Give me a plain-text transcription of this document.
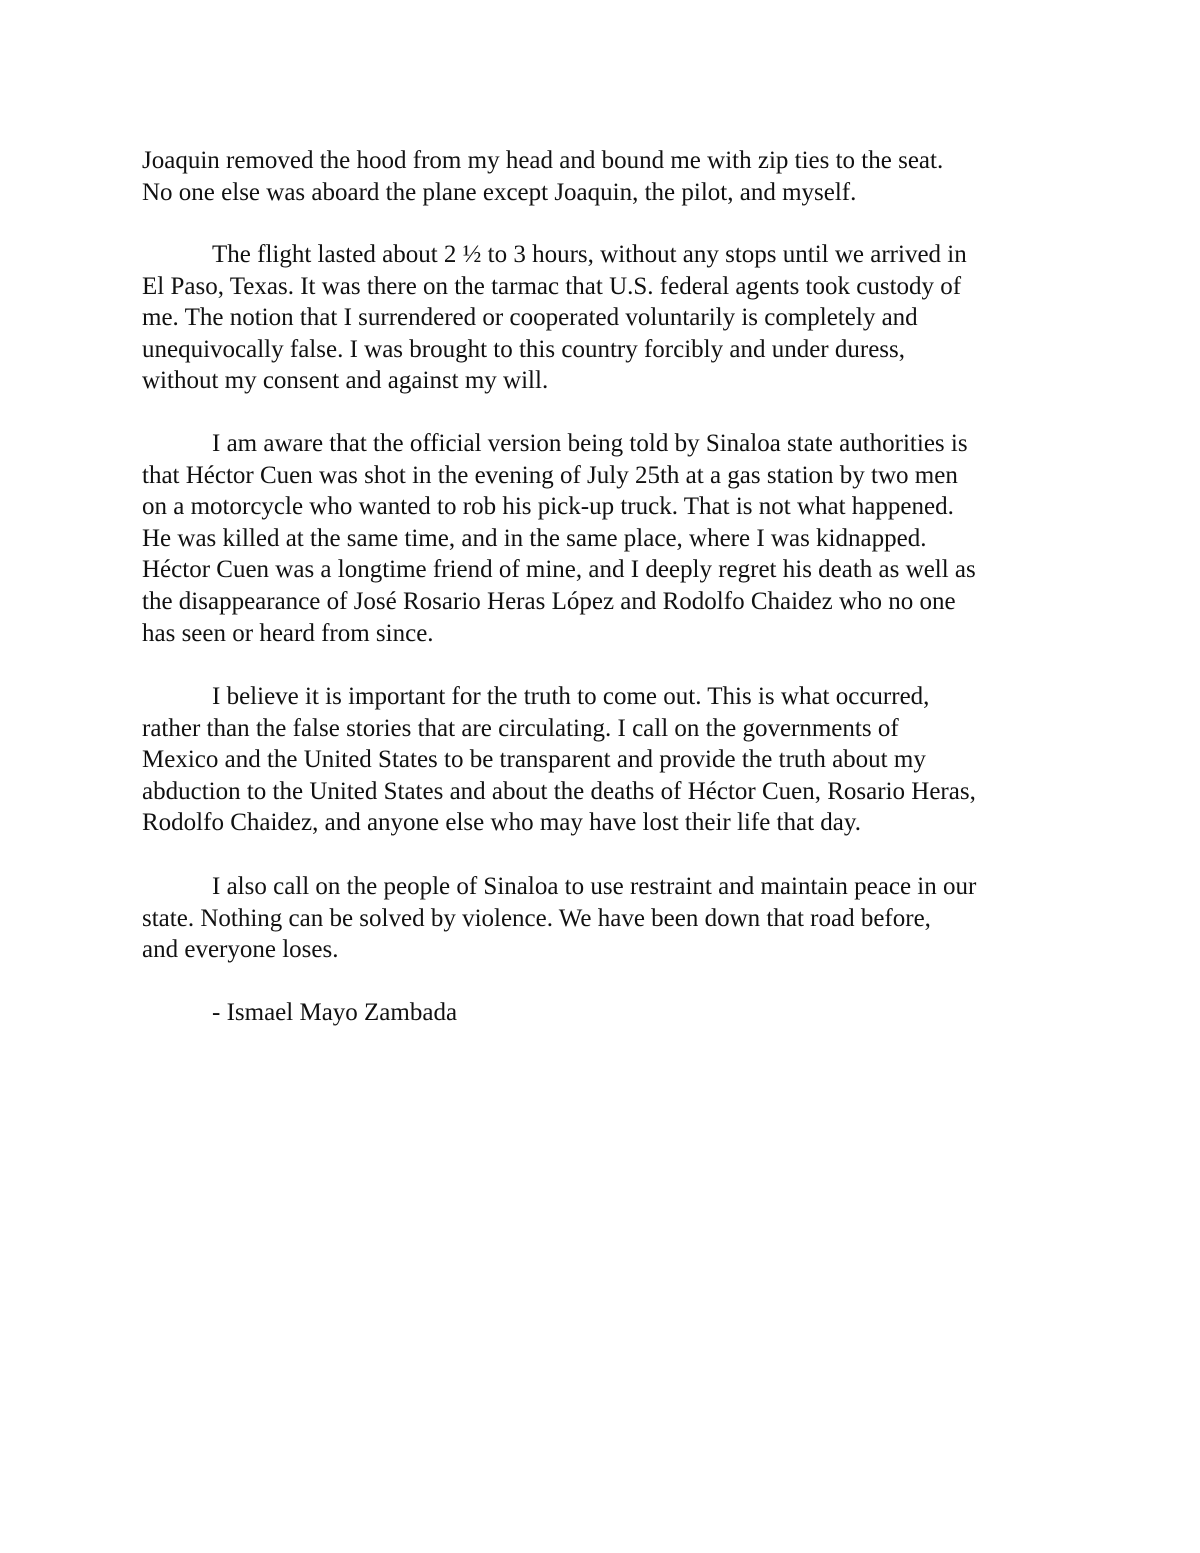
Joaquin removed the hood from my head and bound me with zip ties to the seat.
No one else was aboard the plane except Joaquin, the pilot, and myself.
The flight lasted about 2 ½ to 3 hours, without any stops until we arrived in
El Paso, Texas. It was there on the tarmac that U.S. federal agents took custody of
me. The notion that I surrendered or cooperated voluntarily is completely and
unequivocally false. I was brought to this country forcibly and under duress,
without my consent and against my will.
I am aware that the official version being told by Sinaloa state authorities is
that Héctor Cuen was shot in the evening of July 25th at a gas station by two men
on a motorcycle who wanted to rob his pick-up truck. That is not what happened.
He was killed at the same time, and in the same place, where I was kidnapped.
Héctor Cuen was a longtime friend of mine, and I deeply regret his death as well as
the disappearance of José Rosario Heras López and Rodolfo Chaidez who no one
has seen or heard from since.
I believe it is important for the truth to come out. This is what occurred,
rather than the false stories that are circulating. I call on the governments of
Mexico and the United States to be transparent and provide the truth about my
abduction to the United States and about the deaths of Héctor Cuen, Rosario Heras,
Rodolfo Chaidez, and anyone else who may have lost their life that day.
I also call on the people of Sinaloa to use restraint and maintain peace in our
state. Nothing can be solved by violence. We have been down that road before,
and everyone loses.
- Ismael Mayo Zambada
